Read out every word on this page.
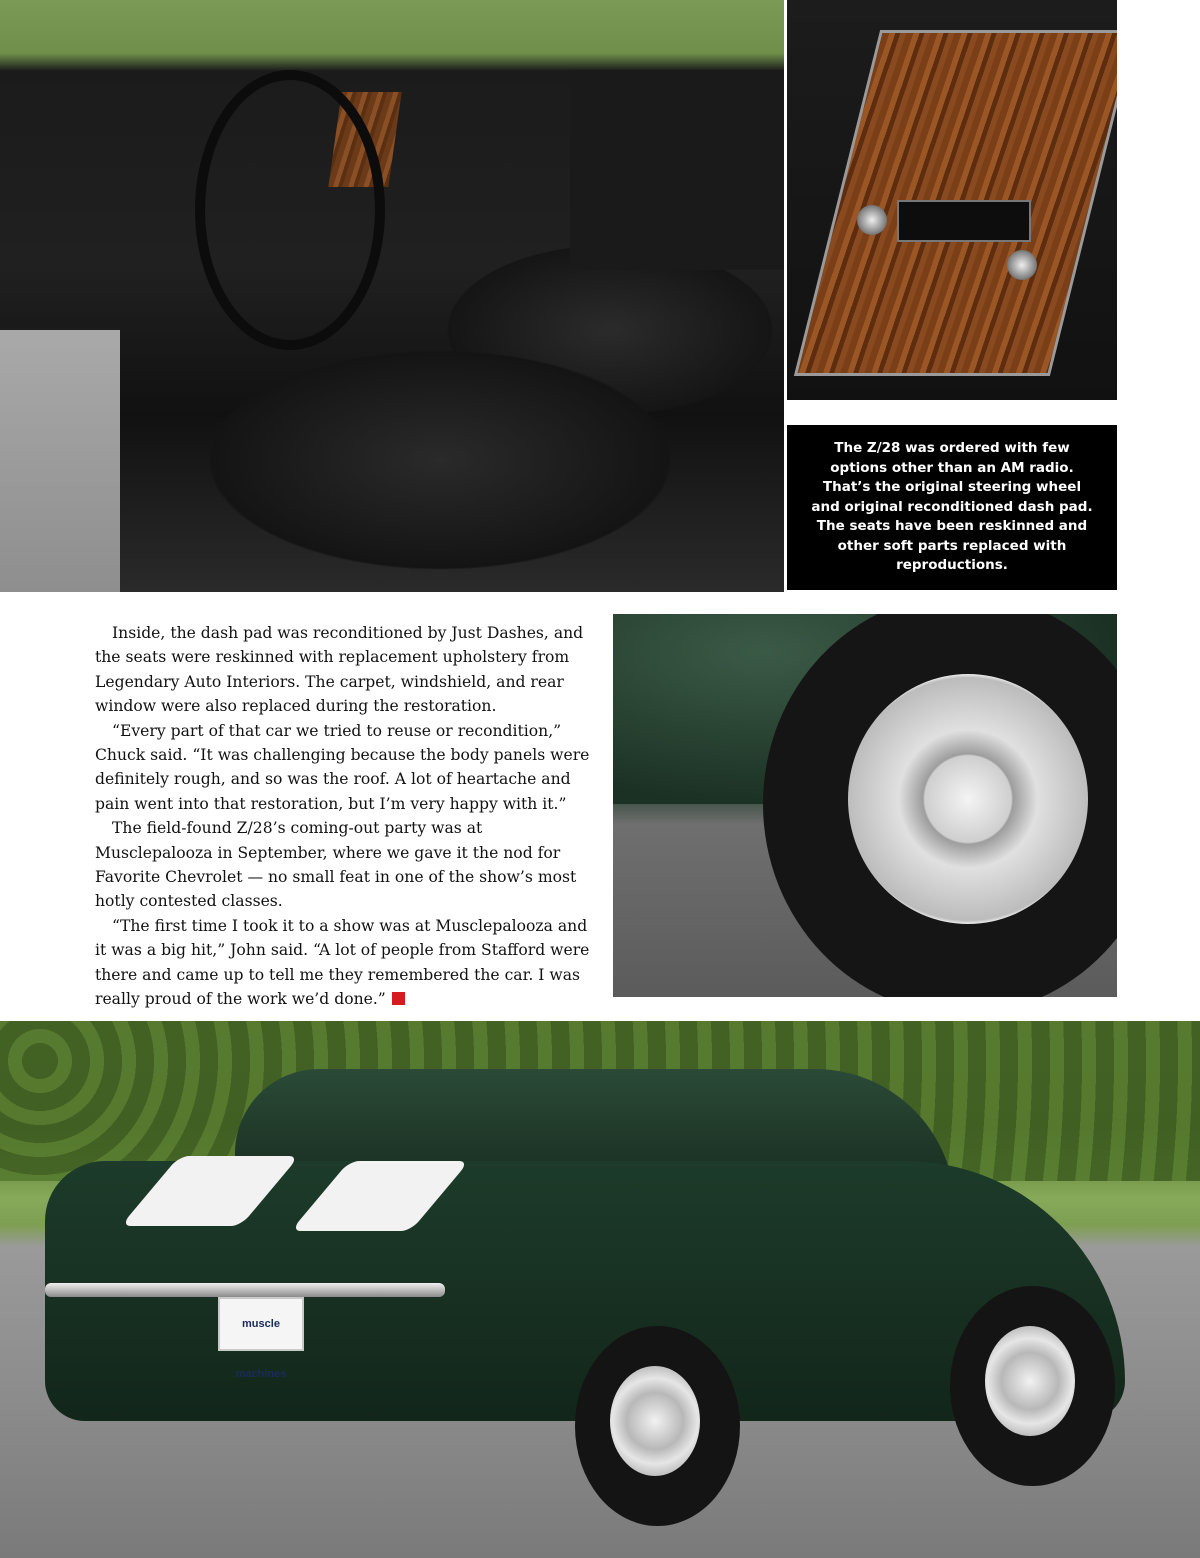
The Z/28 was ordered with few options other than an AM radio. That’s the original steering wheel and original reconditioned dash pad. The seats have been reskinned and other soft parts replaced with reproductions.

Inside, the dash pad was reconditioned by Just Dashes, and the seats were reskinned with replacement upholstery from Legendary Auto Interiors. The carpet, windshield, and rear window were also replaced during the restoration.

“Every part of that car we tried to reuse or recondition,” Chuck said. “It was challenging because the body panels were definitely rough, and so was the roof. A lot of heartache and pain went into that restoration, but I’m very happy with it.”

The field-found Z/28’s coming-out party was at Musclepalooza in September, where we gave it the nod for Favorite Chevrolet — no small feat in one of the show’s most hotly contested classes.

“The first time I took it to a show was at Musclepalooza and it was a big hit,” John said. “A lot of people from Stafford were there and came up to tell me they remembered the car. I was really proud of the work we’d done.”

muscle machines
